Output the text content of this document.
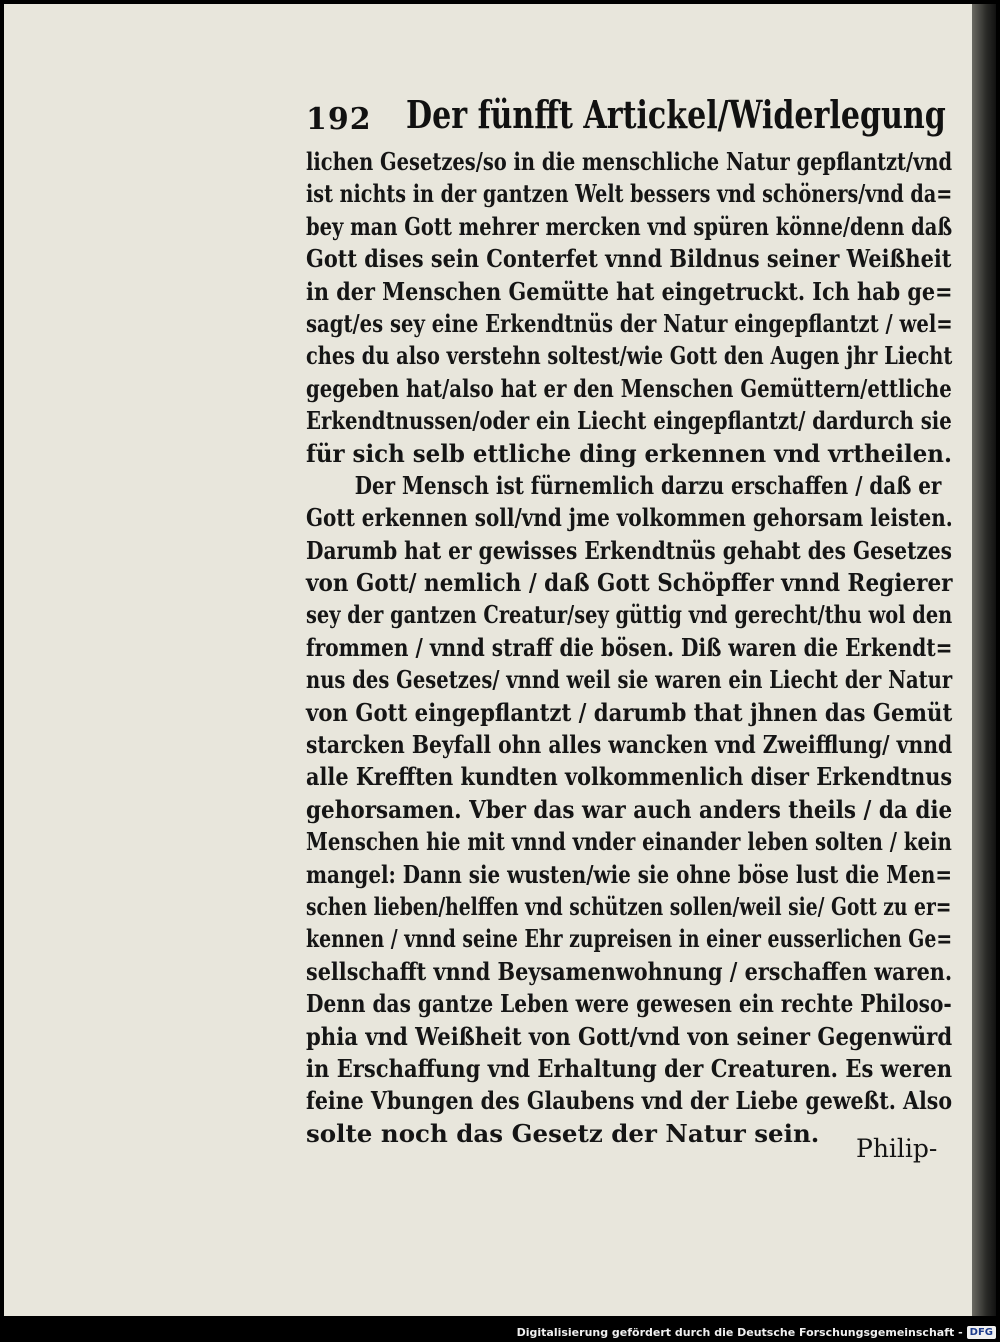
192 Der fünfft Artickel/Widerlegung
lichen Gesetzes/so in die menschliche Natur gepflantzt/vnd
ist nichts in der gantzen Welt bessers vnd schöners/vnd da=
bey man Gott mehrer mercken vnd spüren könne/denn daß
Gott dises sein Conterfet vnnd Bildnus seiner Weißheit
in der Menschen Gemütte hat eingetruckt. Ich hab ge=
sagt/es sey eine Erkendtnüs der Natur eingepflantzt / wel=
ches du also verstehn soltest/wie Gott den Augen jhr Liecht
gegeben hat/also hat er den Menschen Gemüttern/ettliche
Erkendtnussen/oder ein Liecht eingepflantzt/ dardurch sie
für sich selb ettliche ding erkennen vnd vrtheilen.
Der Mensch ist fürnemlich darzu erschaffen / daß er
Gott erkennen soll/vnd jme volkommen gehorsam leisten.
Darumb hat er gewisses Erkendtnüs gehabt des Gesetzes
von Gott/ nemlich / daß Gott Schöpffer vnnd Regierer
sey der gantzen Creatur/sey güttig vnd gerecht/thu wol den
frommen / vnnd straff die bösen. Diß waren die Erkendt=
nus des Gesetzes/ vnnd weil sie waren ein Liecht der Natur
von Gott eingepflantzt / darumb that jhnen das Gemüt
starcken Beyfall ohn alles wancken vnd Zweifflung/ vnnd
alle Krefften kundten volkommenlich diser Erkendtnus
gehorsamen. Vber das war auch anders theils / da die
Menschen hie mit vnnd vnder einander leben solten / kein
mangel: Dann sie wusten/wie sie ohne böse lust die Men=
schen lieben/helffen vnd schützen sollen/weil sie/ Gott zu er=
kennen / vnnd seine Ehr zupreisen in einer eusserlichen Ge=
sellschafft vnnd Beysamenwohnung / erschaffen waren.
Denn das gantze Leben were gewesen ein rechte Philoso-
phia vnd Weißheit von Gott/vnd von seiner Gegenwürd
in Erschaffung vnd Erhaltung der Creaturen. Es weren
feine Vbungen des Glaubens vnd der Liebe geweßt. Also
solte noch das Gesetz der Natur sein.
Philip-
Digitalisierung gefördert durch die Deutsche Forschungsgemeinschaft - DFG
